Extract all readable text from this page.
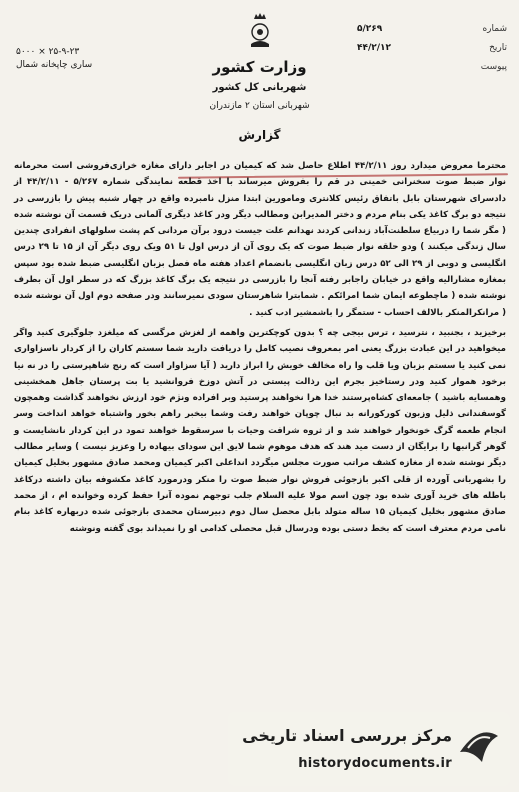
۵۰۰۰ × ۲۵-۹-۲۳
ساری چاپخانه شمال
شماره
۵/۲۶۹
تاریخ
۴۴/۲/۱۲
پیوست
وزارت کشور
شهربانی کل کشور
شهربانی استان ۲ مازندران
گزارش

محترما معروض میدارد روز ۴۴/۲/۱۱ اطلاع حاصل شد که کیمیان در اجابر دارای مغازه خرازی‌فروشی است محرمانه نوار ضبط صوت سخنرانی خمینی در قم را بفروش میرساند با اخذ قطعه نمایندگی شماره ۵/۲۶۷ - ۴۴/۲/۱۱ از دادسرای شهرستان بابل باتفاق رئیس کلانتری ومامورین ابتدا منزل نامبرده واقع در چهار شنبه پیش را بازرسی در نتیجه دو برگ کاغذ یکی بنام مردم و دختر المدیرابن ومطالب دیگر ودر کاغذ دیگری آلمانی دریک قسمت آن نوشته شده ( مگر شما را دربیاع سلطنت‌آباد زندانی کردند نهدانم علت جیست درود برآن مردانی کم پشت سلولهای انفرادی چندین سال زندگی میکنند ) ودو حلقه نوار ضبط صوت که یک روی آن از درس اول تا ۵۱ ویک روی دیگر آن از ۱۵ تا ۲۹ درس انگلیسی و دوبی از ۲۹ الی ۵۲ درس زبان انگلیسی بانضمام اعداد هفته ماه فصل بزبان انگلیسی ضبط شده بود سپس بمغازه مشارالیه واقع در خیابان راجابر رفته آنجا را بازرسی در نتیجه یک برگ کاغذ بزرگ که در سطر اول آن بطرف نوشته شده ( ماچطوعه ایمان شما امرائکم . شمابترا شاهرستان سودی نمیرسانند ودر صفحه دوم اول آن نوشته شده ( مرانکرالمنکر بالالف احساب - ستمگر را باشمشیر ادب کنید .

برخیزید ، بجنبید ، نترسید ، ترس بیجی چه ؟ بدون کوچکترین واهمه از لغزش مرگسی که میلغزد جلوگیری کنید واگر میخواهید در این عبادت بزرگ یعنی امر بمعروف نصیب کامل را دریافت دارید شما سستم کاران را از کردار ناسزاواری نمی کنید یا سستم بزبان ویا قلب وا راه مخالف خویش را ابراز دارید ( آیا سزاوار است که رنج شاهپرستی را در نه نیا برخود هموار کنید ودر رستاخیز بجرم این رذالت پیستی در آتش دوزخ فروانشید یا بت پرستان جاهل همخشینی وهمسایه باشید ) جامعه‌ای کشاه‌پرستند خدا هرا نخواهند پرستید وبر افراده ونژم خود ارزش نخواهند گذاشت وهمچون گوسفندانی ذلیل وزبون کورکورانه بد نبال چوپان خواهند رفت وشما بیخبر راهم بخور واشتباه خواهد انداخت وسر انجام طعمه گرگ خونخوار خواهند شد و از ثروه شرافت وحیات با سرسقوط خواهند تمود در این کردار نانشایست و گوهر گرانبها را برایگان از دست مید هند که هدف موهوم شما لایق این سودای بیهاده را وعزیز نیست ) وسایر مطالب دیگر نوشته شده از مغازه کشف مراتب صورت مجلس میگردد انداعلی اکبر کیمیان ومحمد صادق مشهور بخلیل کیمیان را بشهربانی آورده از قلی اکبر بازجوئی فروش نوار ضبط صوت را منکر ودرمورد کاغذ مکشوفه بیان داشته درکاغذ باطله های خرید آوری شده بود چون اسم مولا علیه السلام جلب توجهم نموده آنرا حفظ کرده وخوانده ام ، از محمد صادق مشهور بخلیل کیمیان ۱۵ ساله متولد بابل محصل سال دوم دبیرستان محمدی بازجوئی شده دربهاره کاغذ بنام نامی مردم معترف است که بخط دستی بوده ودرسال قبل محصلی کدامی او را نمیداند بوی گفته ونوشته

مرکز بررسی اسناد تاریخی
historydocuments.ir
